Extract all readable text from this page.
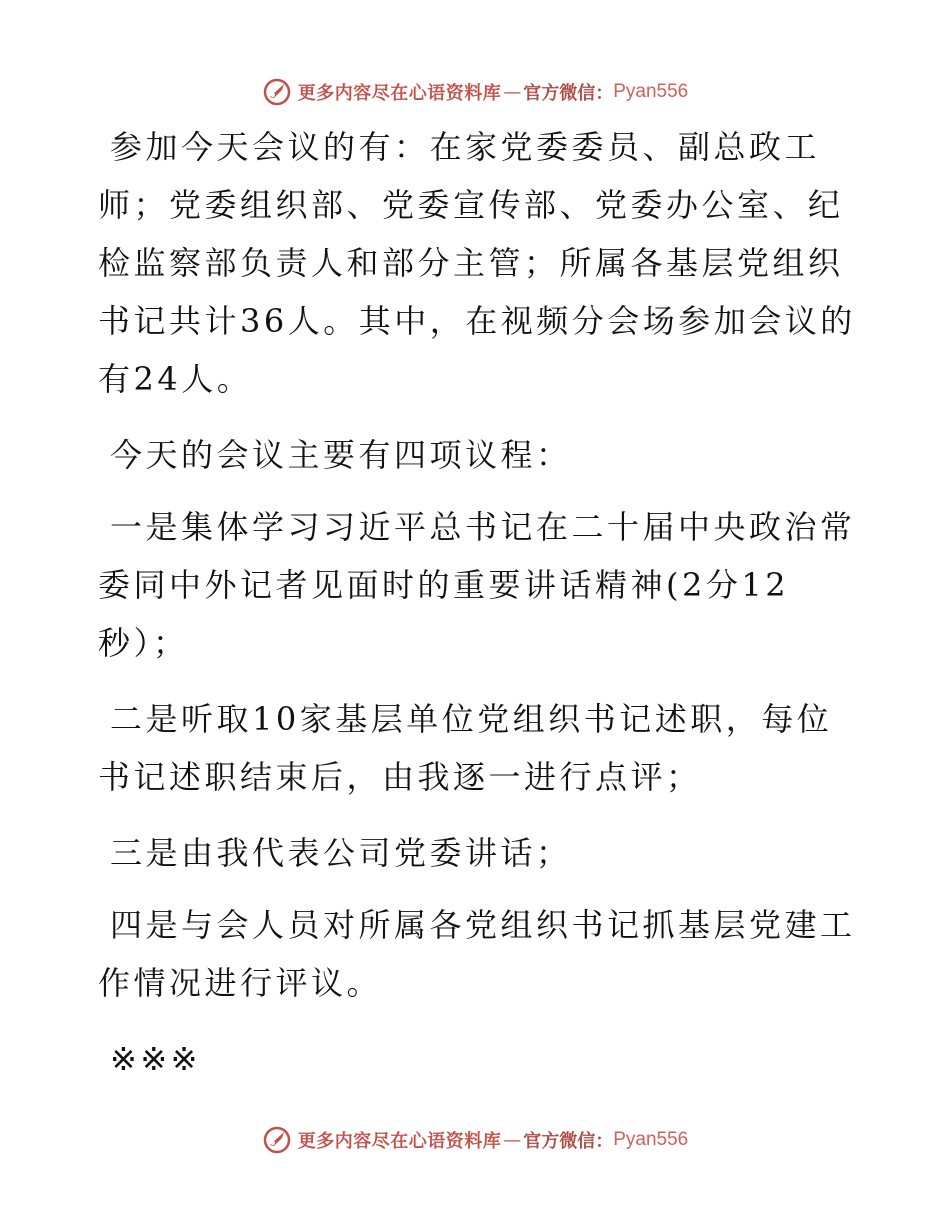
更多内容尽在心语资料库 — 官方微信： Pyan556

参加今天会议的有：在家党委委员、副总政工师；党委组织部、党委宣传部、党委办公室、纪检监察部负责人和部分主管；所属各基层党组织书记共计36人。其中，在视频分会场参加会议的有24人。

今天的会议主要有四项议程：

一是集体学习习近平总书记在二十届中央政治常委同中外记者见面时的重要讲话精神(2分12秒）；

二是听取10家基层单位党组织书记述职，每位书记述职结束后，由我逐一进行点评；

三是由我代表公司党委讲话；

四是与会人员对所属各党组织书记抓基层党建工作情况进行评议。

※※※

更多内容尽在心语资料库 — 官方微信： Pyan556
